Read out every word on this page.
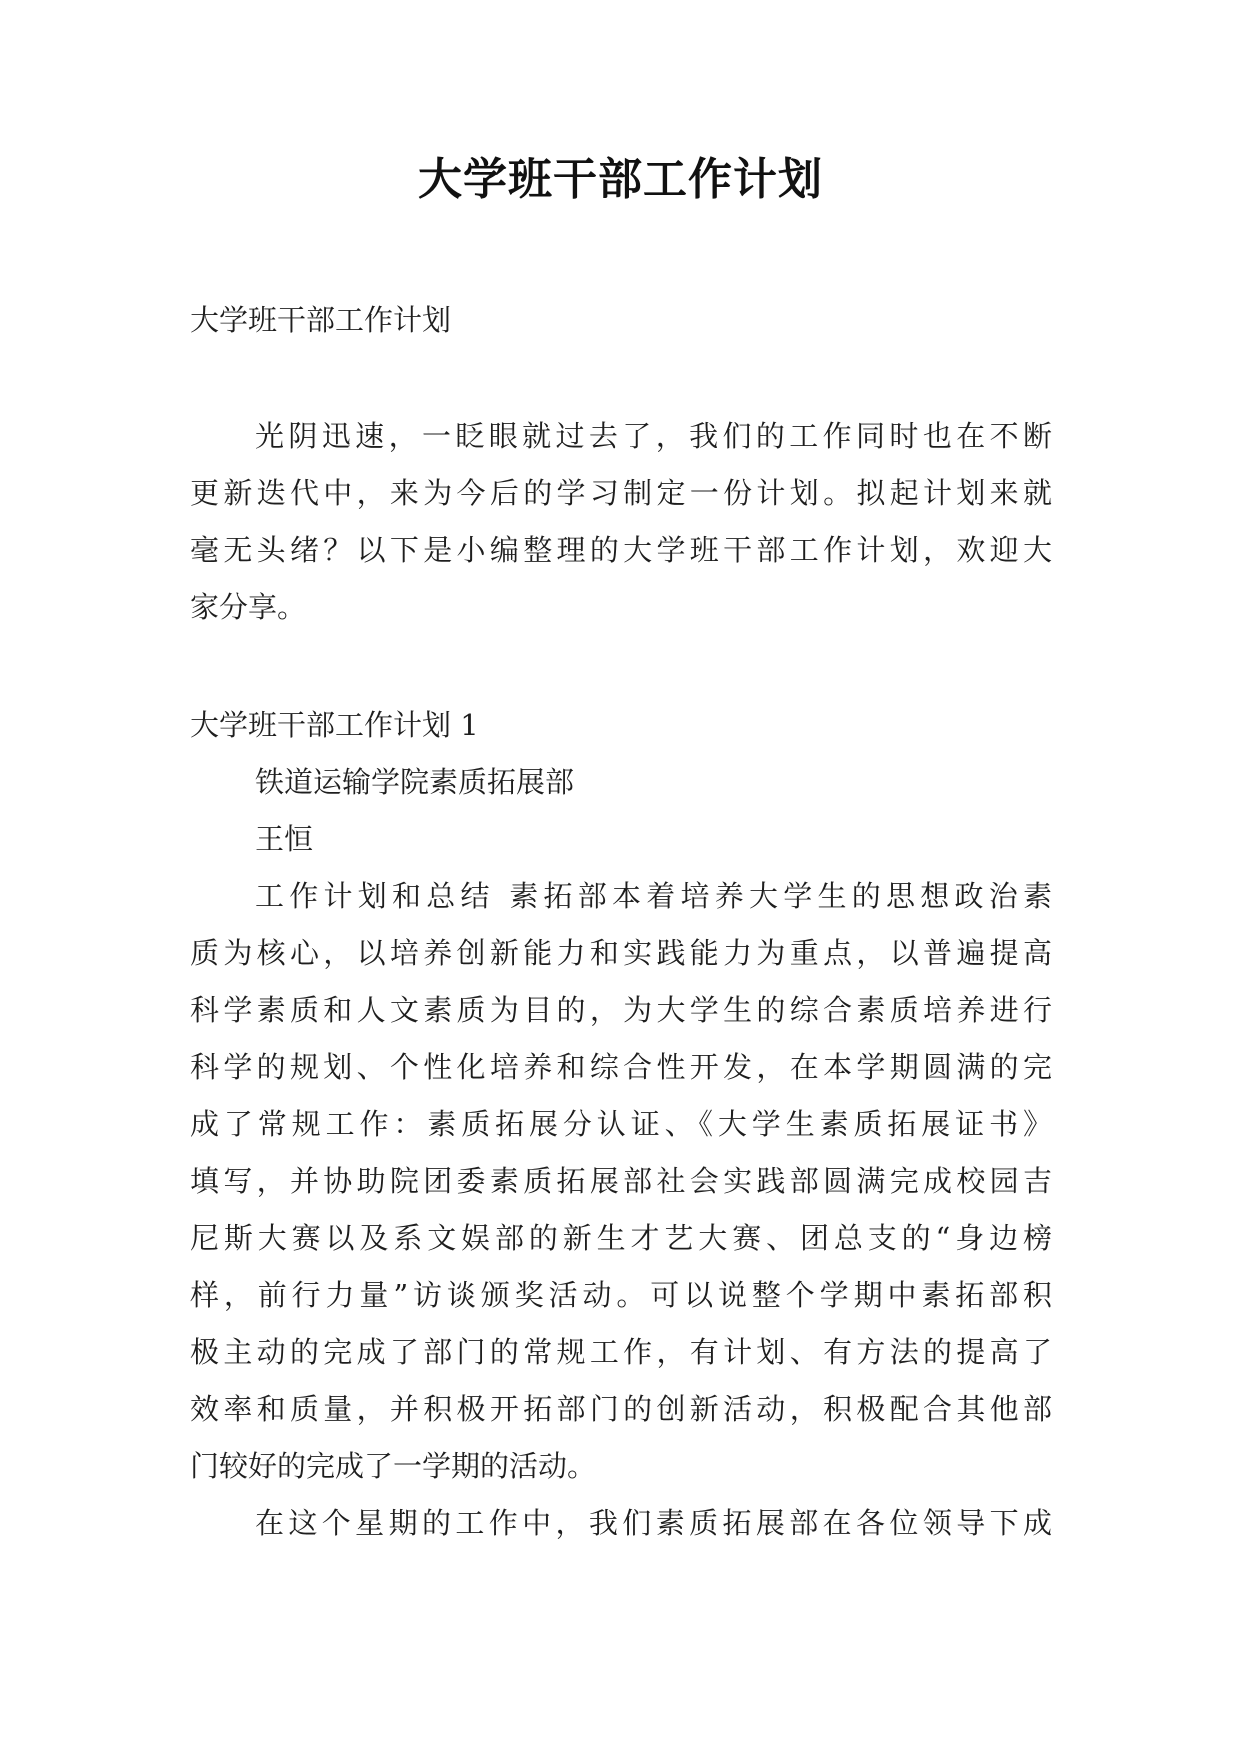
大学班干部工作计划
大学班干部工作计划
光阴迅速，一眨眼就过去了，我们的工作同时也在不断
更新迭代中，来为今后的学习制定一份计划。拟起计划来就
毫无头绪？以下是小编整理的大学班干部工作计划，欢迎大
家分享。
大学班干部工作计划 1
铁道运输学院素质拓展部
王恒
工作计划和总结 素拓部本着培养大学生的思想政治素
质为核心，以培养创新能力和实践能力为重点，以普遍提高
科学素质和人文素质为目的，为大学生的综合素质培养进行
科学的规划、个性化培养和综合性开发，在本学期圆满的完
成了常规工作：素质拓展分认证、《大学生素质拓展证书》
填写，并协助院团委素质拓展部社会实践部圆满完成校园吉
尼斯大赛以及系文娱部的新生才艺大赛、团总支的“身边榜
样，前行力量”访谈颁奖活动。可以说整个学期中素拓部积
极主动的完成了部门的常规工作，有计划、有方法的提高了
效率和质量，并积极开拓部门的创新活动，积极配合其他部
门较好的完成了一学期的活动。
在这个星期的工作中，我们素质拓展部在各位领导下成
